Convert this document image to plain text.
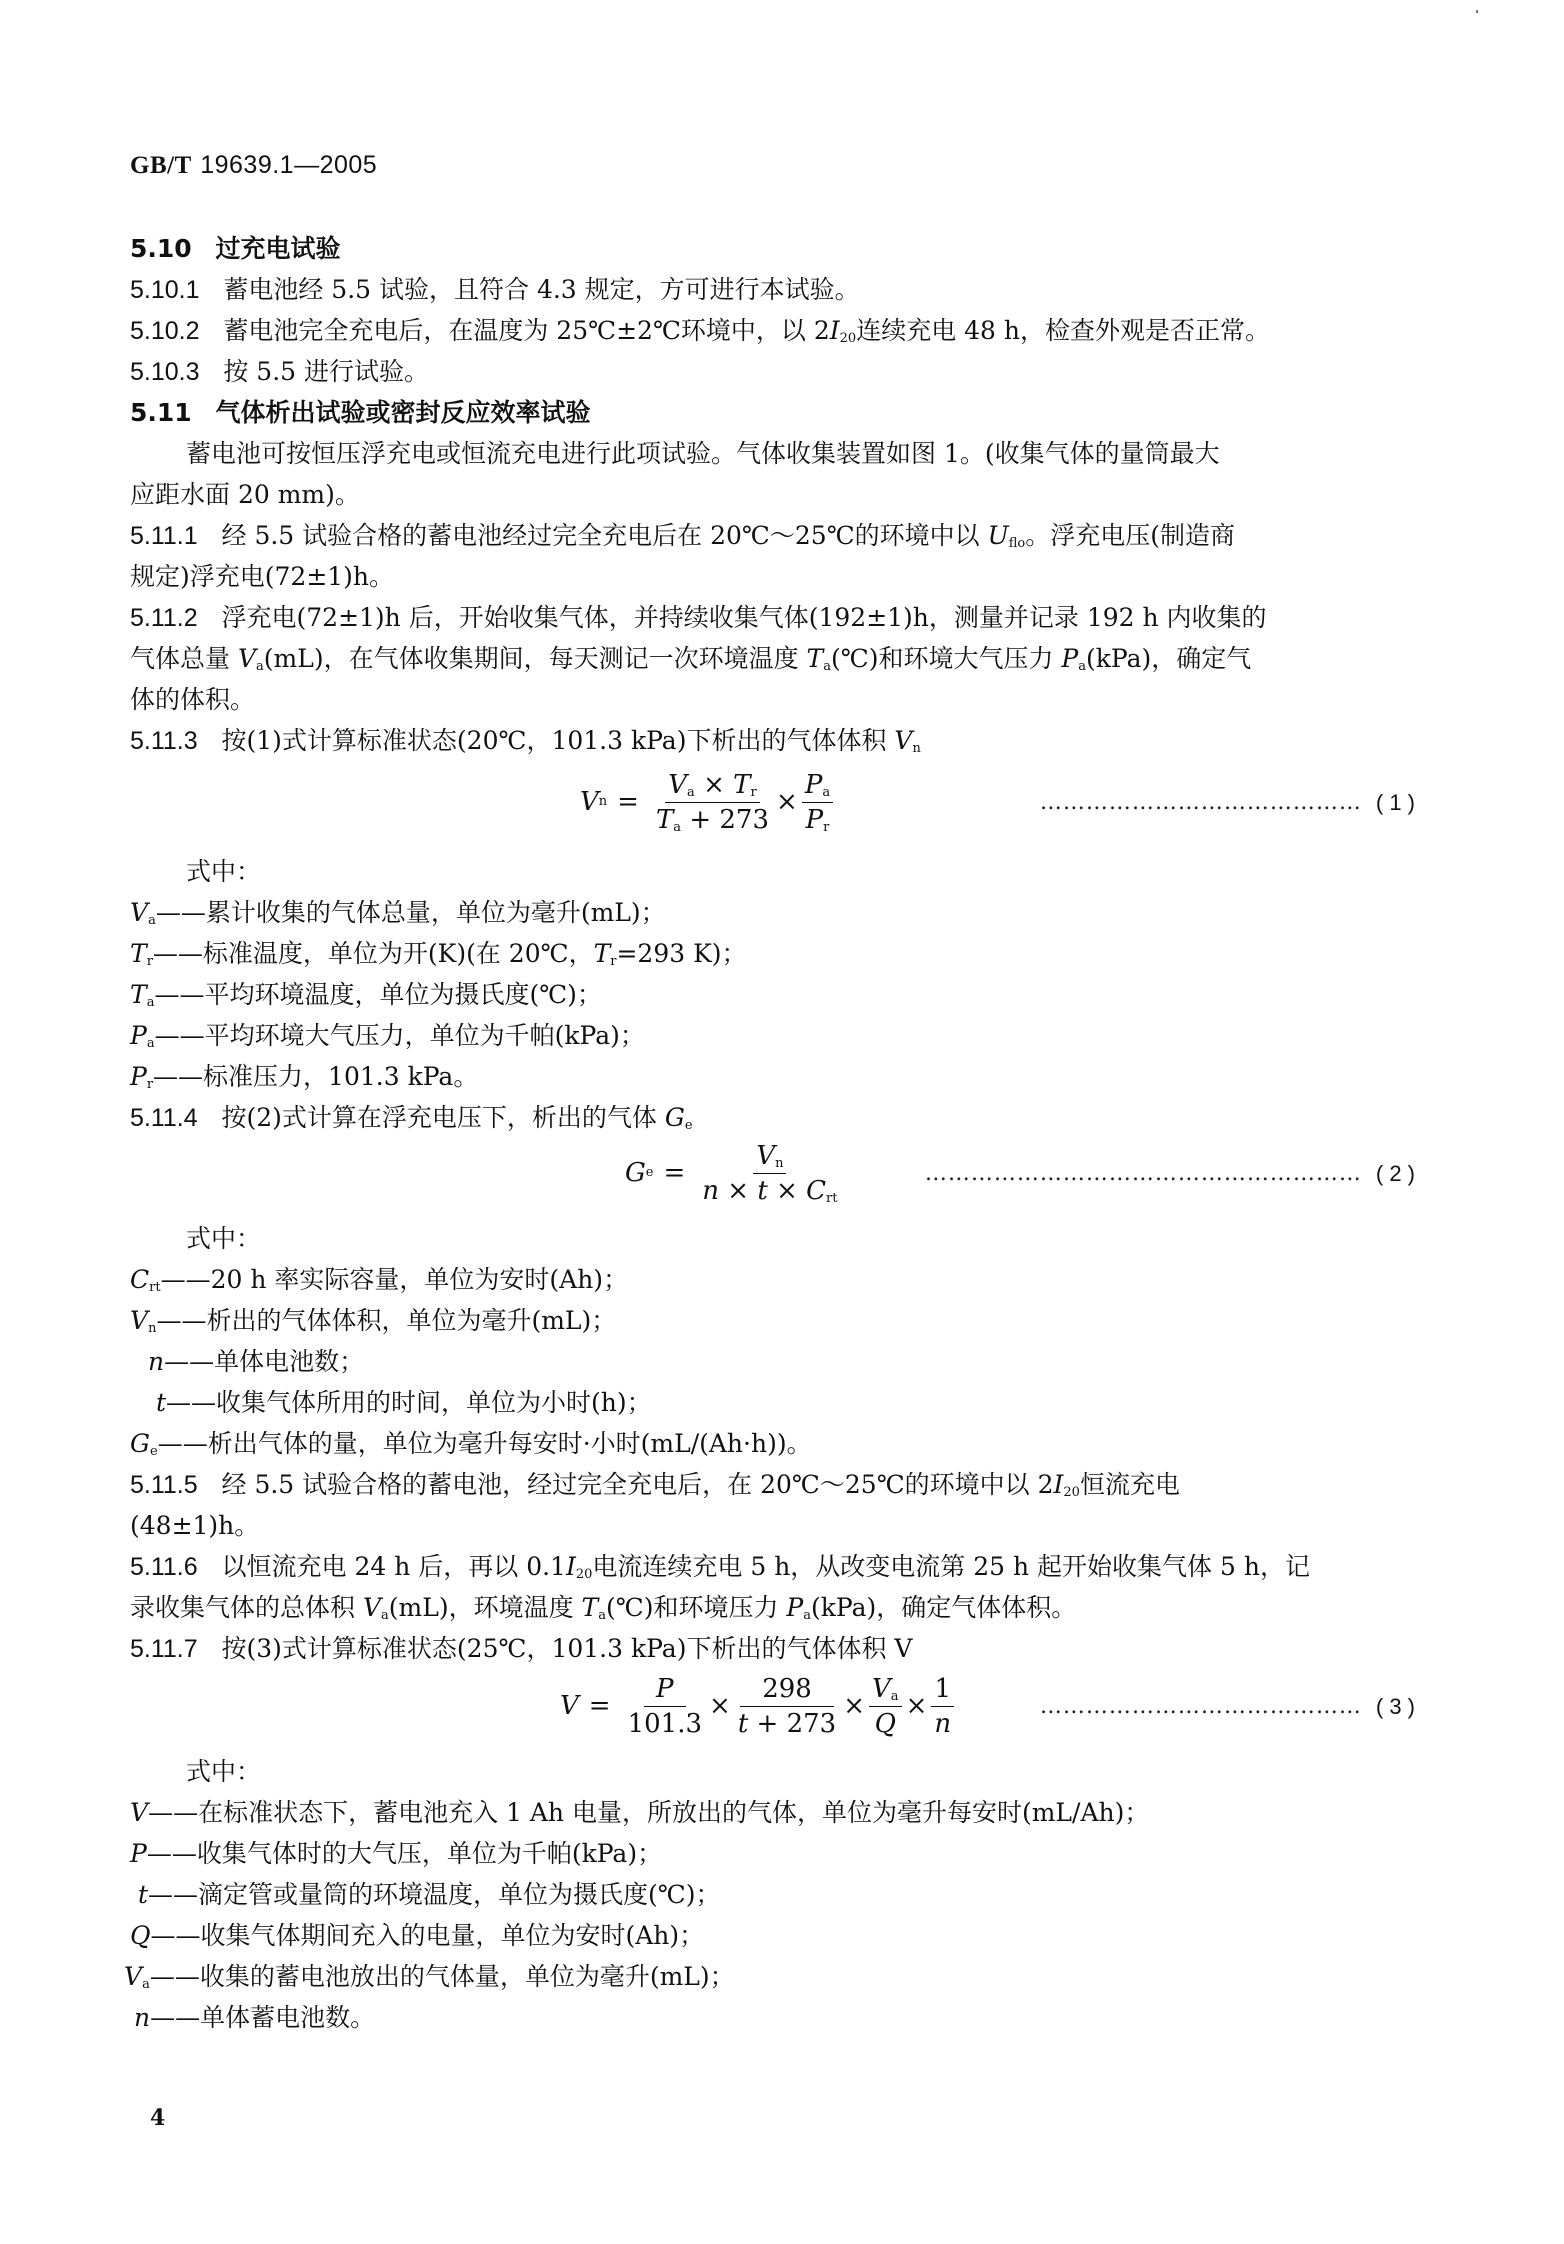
GB/T 19639.1—2005
5.10 过充电试验
5.10.1 蓄电池经 5.5 试验，且符合 4.3 规定，方可进行本试验。
5.10.2 蓄电池完全充电后，在温度为 25℃±2℃环境中，以 $2I_{20}$连续充电 48 h，检查外观是否正常。
5.10.3 按 5.5 进行试验。
5.11 气体析出试验或密封反应效率试验
蓄电池可按恒压浮充电或恒流充电进行此项试验。气体收集装置如图 1。(收集气体的量筒最大
应距水面 20 mm)。
5.11.1 经 5.5 试验合格的蓄电池经过完全充电后在 20℃～25℃的环境中以 $U_{flo}$。浮充电压(制造商
规定)浮充电(72±1)h。
5.11.2 浮充电(72±1)h 后，开始收集气体，并持续收集气体(192±1)h，测量并记录 192 h 内收集的
气体总量 $V_a(mL)$，在气体收集期间，每天测记一次环境温度 $T_a(℃)$和环境大气压力 $P_a(kPa)$，确定气
体的体积。
5.11.3 按(1)式计算标准状态(20℃，101.3 kPa)下析出的气体体积 $V_n$
V $n = \frac{V_a \times T_r}{T_a + 273} \times \frac{P_a}{P_r}$	…………………………………… ( 1 )
式中：
$V_a——$累计收集的气体总量，单位为毫升(mL)；
$T_r——$标准温度，单位为开(K)(在 20℃，$T_r=293$ K)；
$T_a——$平均环境温度，单位为摄氏度(℃)；
$P_a——$平均环境大气压力，单位为千帕(kPa)；
$P_r——$标准压力，101.3 kPa。
5.11.4 按(2)式计算在浮充电压下，析出的气体 $G_e$
G $e = \frac{V_n}{n \times t \times C_{rt}}$	………………………………………………… ( 2 )
式中：
$C_{rt}——20$ h 率实际容量，单位为安时(Ah)；
$V_n——$析出的气体体积，单位为毫升(mL)；
n——单体电池数；
t——收集气体所用的时间，单位为小时(h)；
$G_e——$析出气体的量，单位为毫升每安时·小时(mL/(Ah·h))。
5.11.5 经 5.5 试验合格的蓄电池，经过完全充电后，在 20℃～25℃的环境中以 $2I_{20}$恒流充电
(48±1)h。
5.11.6 以恒流充电 24 h 后，再以 $0.1I_{20}$电流连续充电 5 h，从改变电流第 25 h 起开始收集气体 5 h，记
录收集气体的总体积 $V_a(mL)$，环境温度 $T_a(℃)$和环境压力 $P_a(kPa)$，确定气体体积。
5.11.7 按(3)式计算标准状态(25℃，101.3 kPa)下析出的气体体积 V
$V = \frac{P}{101.3} \times \frac{298}{t + 273} \times \frac{V_a}{Q} \times \frac{1}{n}$	…………………………………… ( 3 )
式中：
V——在标准状态下，蓄电池充入 1 Ah 电量，所放出的气体，单位为毫升每安时(mL/Ah)；
P——收集气体时的大气压，单位为千帕(kPa)；
t——滴定管或量筒的环境温度，单位为摄氏度(℃)；
Q——收集气体期间充入的电量，单位为安时(Ah)；
$V_a——$收集的蓄电池放出的气体量，单位为毫升(mL)；
n——单体蓄电池数。
4
